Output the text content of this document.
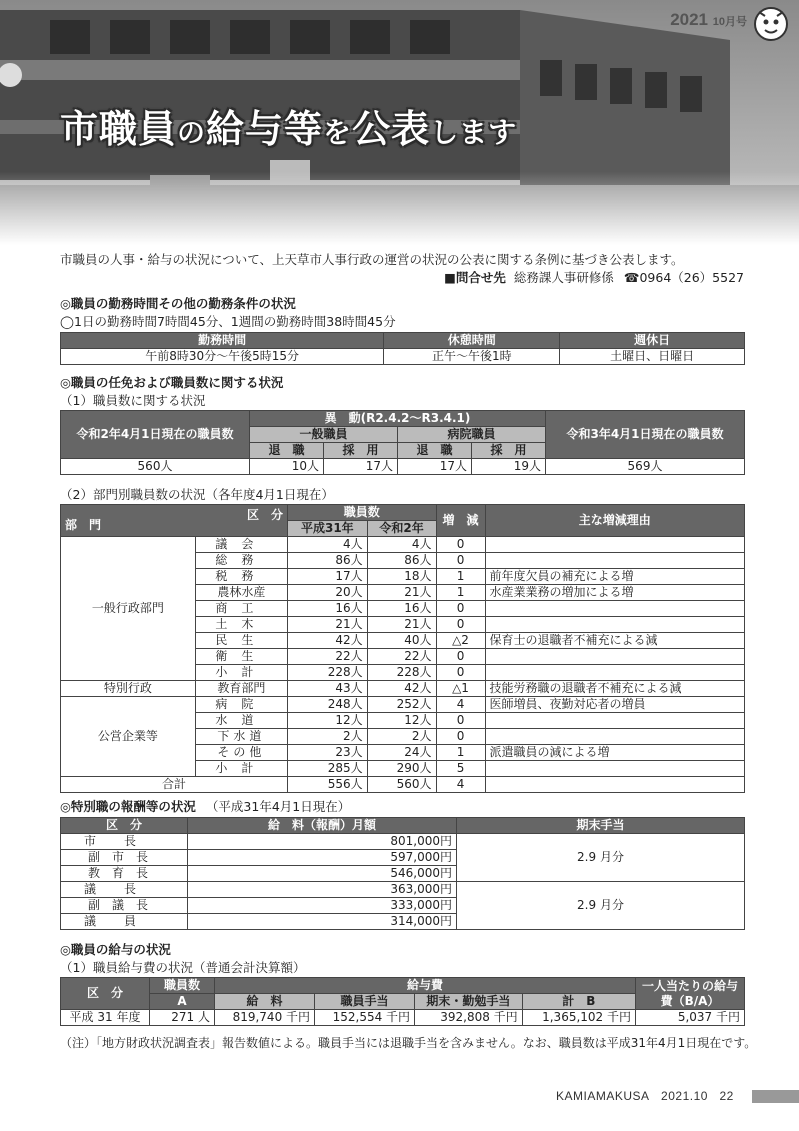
2021 10月号
市職員の給与等を公表します
市職員の人事・給与の状況について、上天草市人事行政の運営の状況の公表に関する条例に基づき公表します。
■問合せ先 総務課人事研修係 ☎0964（26）5527
◎職員の勤務時間その他の勤務条件の状況
◯1日の勤務時間7時間45分、1週間の勤務時間38時間45分
勤務時間	休憩時間	週休日
午前8時30分～午後5時15分	正午～午後1時	土曜日、日曜日
◎職員の任免および職員数に関する状況
（1）職員数に関する状況
令和2年4月1日現在の職員数	異　動(R2.4.2～R3.4.1)				令和3年4月1日現在の職員数
	一般職員		病院職員		
	退　職	採　用	退　職	採　用	
560人	10人	17人	17人	19人	569人
（2）部門別職員数の状況（各年度4月1日現在）
部　門
区　分		職員数		増　減	主な増減理由
		平成31年	令和2年		
一般行政部門	議会	4人	4人	0	
	総務	86人	86人	0	
	税務	17人	18人	1	前年度欠員の補充による増
	農林水産	20人	21人	1	水産業業務の増加による増
	商工	16人	16人	0	
	土木	21人	21人	0	
	民生	42人	40人	△2	保育士の退職者不補充による減
	衛生	22人	22人	0	
	小計	228人	228人	0	
特別行政	教育部門	43人	42人	△1	技能労務職の退職者不補充による減
公営企業等	病院	248人	252人	4	医師増員、夜勤対応者の増員
	水道	12人	12人	0	
	下水道	2人	2人	0	
	その他	23人	24人	1	派遣職員の減による増
	小計	285人	290人	5	
合計		556人	560人	4	
◎特別職の報酬等の状況 （平成31年4月1日現在）
区　分	給　料（報酬）月額	期末手当
市長	801,000円	2.9 月分
副市長	597,000円	
教育長	546,000円	
議長	363,000円	2.9 月分
副議長	333,000円	
議員	314,000円	
◎職員の給与の状況
（1）職員給与費の状況（普通会計決算額）
区　分	職員数	給与費				一人当たりの給与費（B/A）
	A	給　料	職員手当	期末・勤勉手当	計　B	
平成 31 年度	271 人	819,740 千円	152,554 千円	392,808 千円	1,365,102 千円	5,037 千円
（注）「地方財政状況調査表」報告数値による。職員手当には退職手当を含みません。なお、職員数は平成31年4月1日現在です。
KAMIAMAKUSA 2021.10 22
